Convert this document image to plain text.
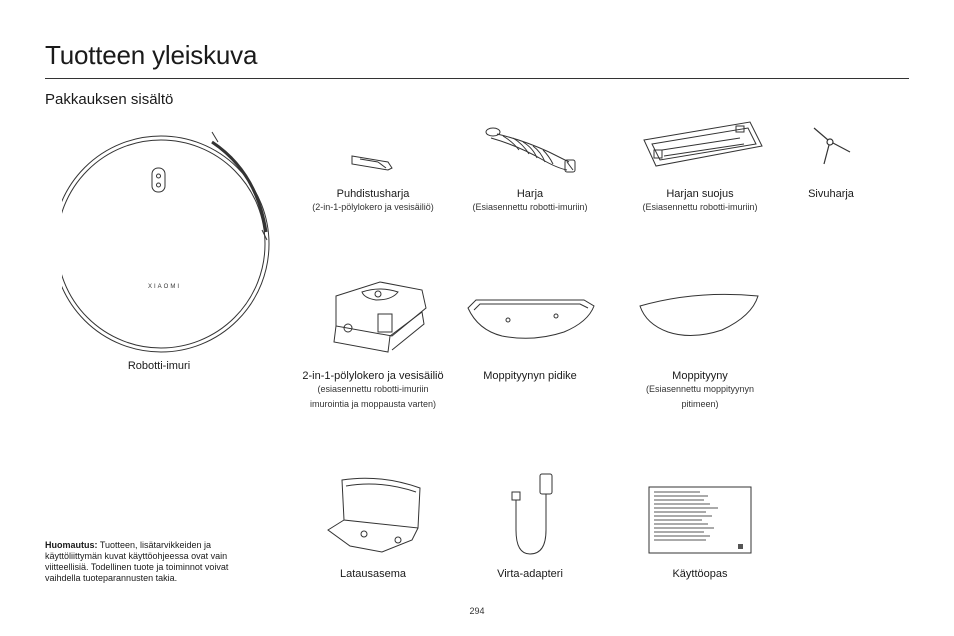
Tuotteen yleiskuva
Pakkauksen sisältö
XIAOMI
Robotti-imuri
Puhdistusharja
(2-in-1-pölylokero ja vesisäiliö)
Harja
(Esiasennettu robotti-imuriin)
Harjan suojus
(Esiasennettu robotti-imuriin)
Sivuharja
2-in-1-pölylokero ja vesisäiliö
(esiasennettu robotti-imuriin
imurointia ja moppausta varten)
Moppityynyn pidike	Moppityyny
(Esiasennettu moppityynyn
pitimeen)
Latausasema	Virta-adapteri	Käyttöopas
Huomautus: Tuotteen, lisätarvikkeiden ja käyttöliittymän kuvat käyttöohjeessa ovat vain viitteellisiä. Todellinen tuote ja toiminnot voivat vaihdella tuoteparannusten takia.
294
